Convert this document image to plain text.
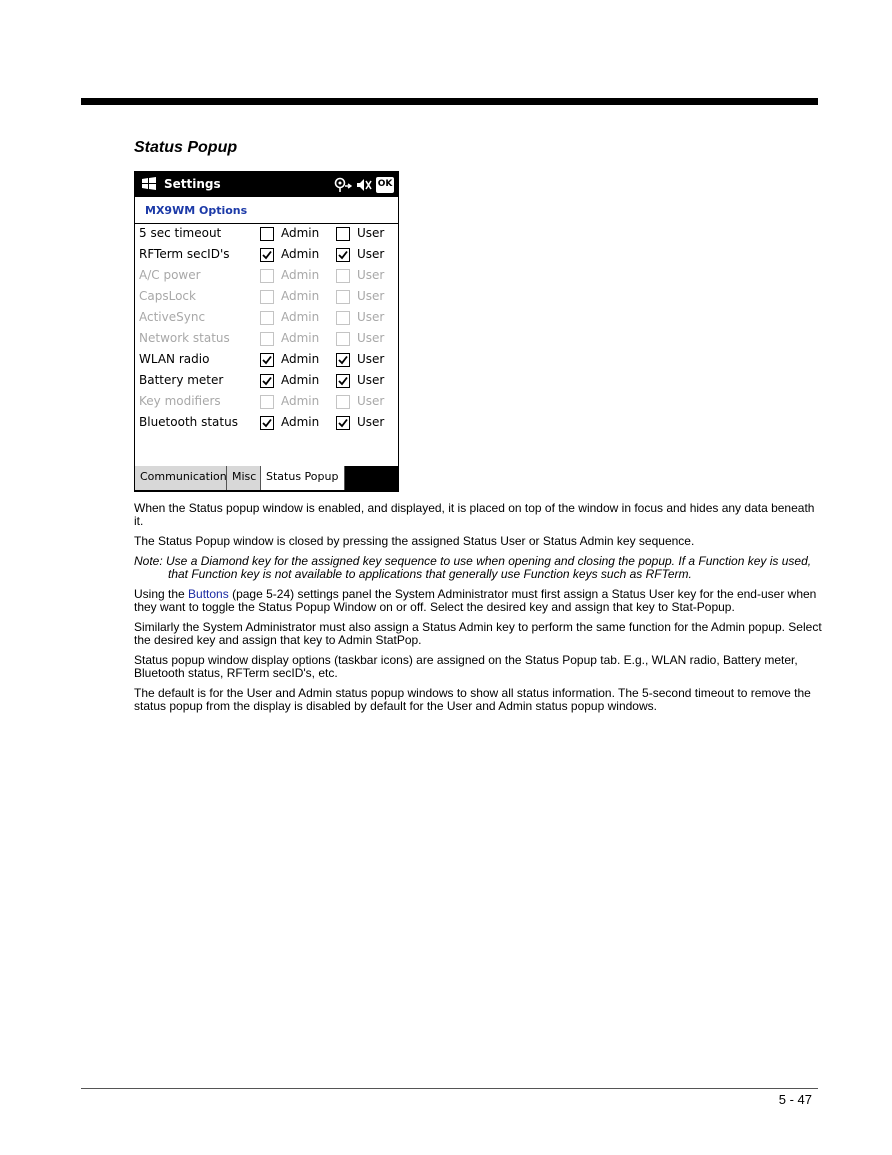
Status Popup
Settings	OK
MX9WM Options
5 sec timeout	Admin	User
RFTerm secID's	Admin	User
A/C power	Admin	User
CapsLock	Admin	User
ActiveSync	Admin	User
Network status	Admin	User
WLAN radio	Admin	User
Battery meter	Admin	User
Key modifiers	Admin	User
Bluetooth status	Admin	User
Communication Misc Status Popup

When the Status popup window is enabled, and displayed, it is placed on top of the window in focus and hides any data beneath it.

The Status Popup window is closed by pressing the assigned Status User or Status Admin key sequence.

Note: Use a Diamond key for the assigned key sequence to use when opening and closing the popup. If a Function key is used, that Function key is not available to applications that generally use Function keys such as RFTerm.

Using the Buttons (page 5-24) settings panel the System Administrator must first assign a Status User key for the end-user when they want to toggle the Status Popup Window on or off. Select the desired key and assign that key to Stat-Popup.

Similarly the System Administrator must also assign a Status Admin key to perform the same function for the Admin popup. Select the desired key and assign that key to Admin StatPop.

Status popup window display options (taskbar icons) are assigned on the Status Popup tab. E.g., WLAN radio, Battery meter, Bluetooth status, RFTerm secID's, etc.

The default is for the User and Admin status popup windows to show all status information. The 5-second timeout to remove the status popup from the display is disabled by default for the User and Admin status popup windows.

5 - 47
